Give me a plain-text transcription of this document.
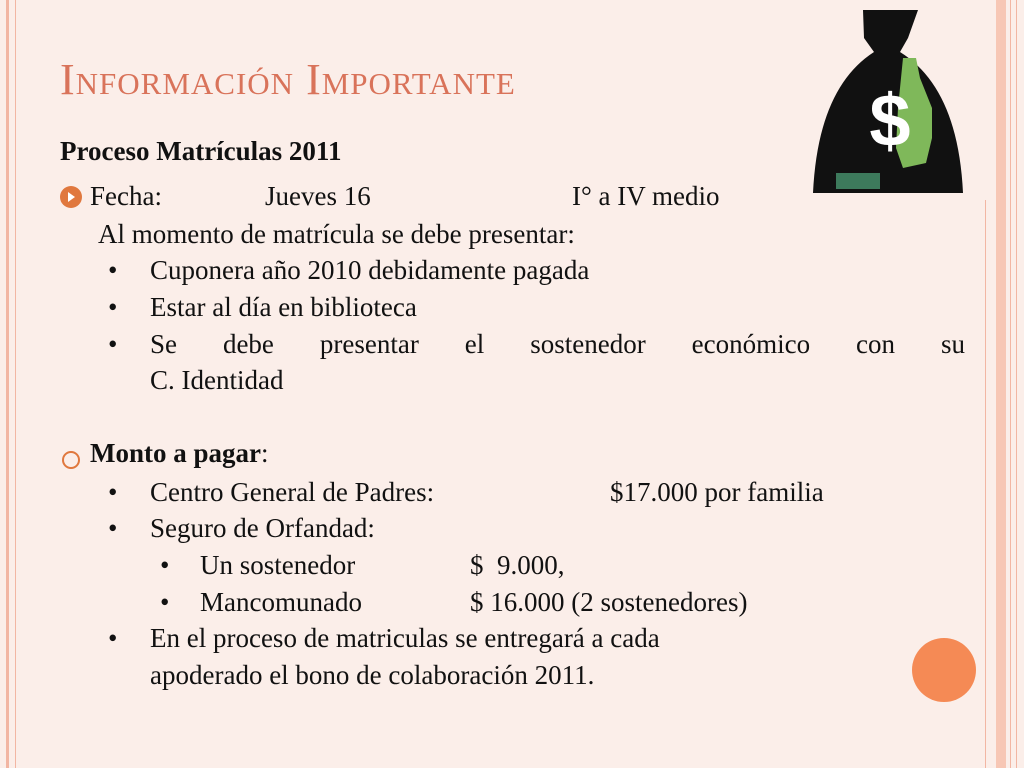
Información Importante	$
Proceso Matrículas 2011
Fecha:	Jueves 16	I° a IV medio
Al momento de matrícula se debe presentar:
• Cuponera año 2010 debidamente pagada
• Estar al día en biblioteca
• Se debe presentar el sostenedor económico con su
C. Identidad
Monto a pagar:
• Centro General de Padres:	$17.000 por familia
• Seguro de Orfandad:
• Un sostenedor	$  9.000,
• Mancomunado	$ 16.000 (2 sostenedores)
• En el proceso de matriculas se entregará a cada
apoderado el bono de colaboración 2011.
